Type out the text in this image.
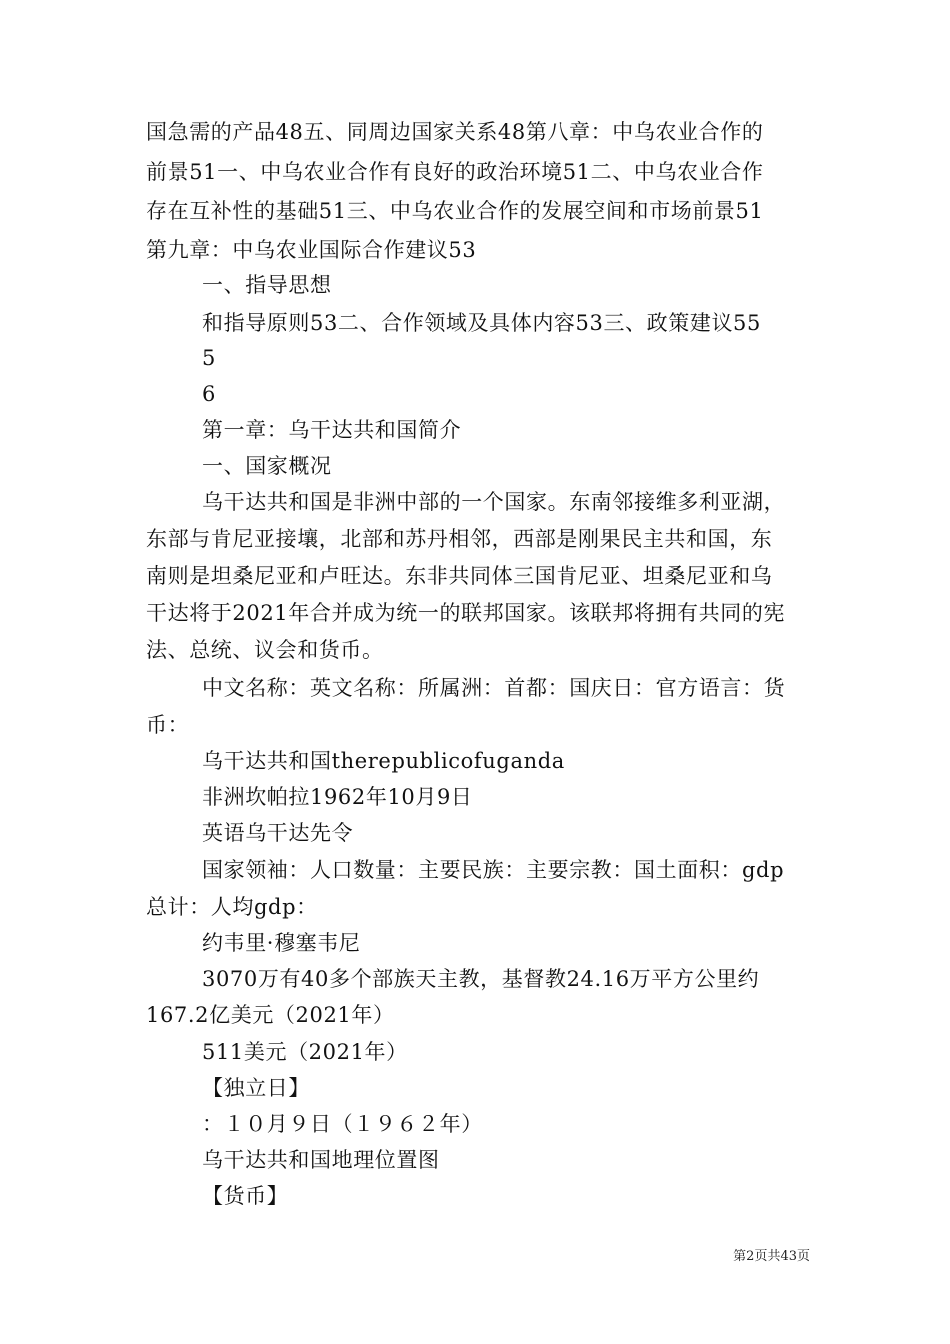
国急需的产品48五、同周边国家关系48第八章：中乌农业合作的
前景51一、中乌农业合作有良好的政治环境51二、中乌农业合作
存在互补性的基础51三、中乌农业合作的发展空间和市场前景51
第九章：中乌农业国际合作建议53
一、指导思想
和指导原则53二、合作领域及具体内容53三、政策建议55
5
6
第一章：乌干达共和国简介
一、国家概况
乌干达共和国是非洲中部的一个国家。东南邻接维多利亚湖，
东部与肯尼亚接壤，北部和苏丹相邻，西部是刚果民主共和国，东
南则是坦桑尼亚和卢旺达。东非共同体三国肯尼亚、坦桑尼亚和乌
干达将于2021年合并成为统一的联邦国家。该联邦将拥有共同的宪
法、总统、议会和货币。
中文名称：英文名称：所属洲：首都：国庆日：官方语言：货
币：
乌干达共和国therepublicofuganda
非洲坎帕拉1962年10月9日
英语乌干达先令
国家领袖：人口数量：主要民族：主要宗教：国土面积：gdp
总计：人均gdp：
约韦里·穆塞韦尼
3070万有40多个部族天主教，基督教24.16万平方公里约
167.2亿美元（2021年）
511美元（2021年）
【独立日】
：１０月９日（１９６２年）
乌干达共和国地理位置图
【货币】
第2页共43页
